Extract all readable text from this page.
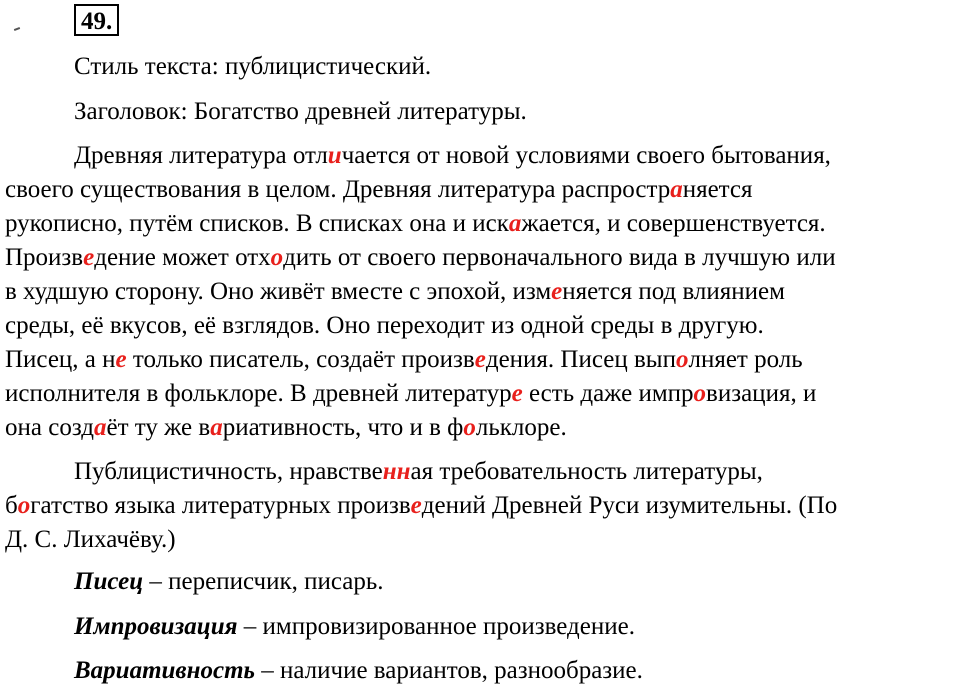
49.
Стиль текста: публицистический.
Заголовок: Богатство древней литературы.
Древняя литература отличается от новой условиями своего бытования,
своего существования в целом. Древняя литература распространяется
рукописно, путём списков. В списках она и искажается, и совершенствуется.
Произведение может отходить от своего первоначального вида в лучшую или
в худшую сторону. Оно живёт вместе с эпохой, изменяется под влиянием
среды, её вкусов, её взглядов. Оно переходит из одной среды в другую.
Писец, а не только писатель, создаёт произведения. Писец выполняет роль
исполнителя в фольклоре. В древней литературе есть даже импровизация, и
она создаёт ту же вариативность, что и в фольклоре.
Публицистичность, нравственная требовательность литературы,
богатство языка литературных произведений Древней Руси изумительны. (По
Д. С. Лихачёву.)
Писец – переписчик, писарь.
Импровизация – импровизированное произведение.
Вариативность – наличие вариантов, разнообразие.
